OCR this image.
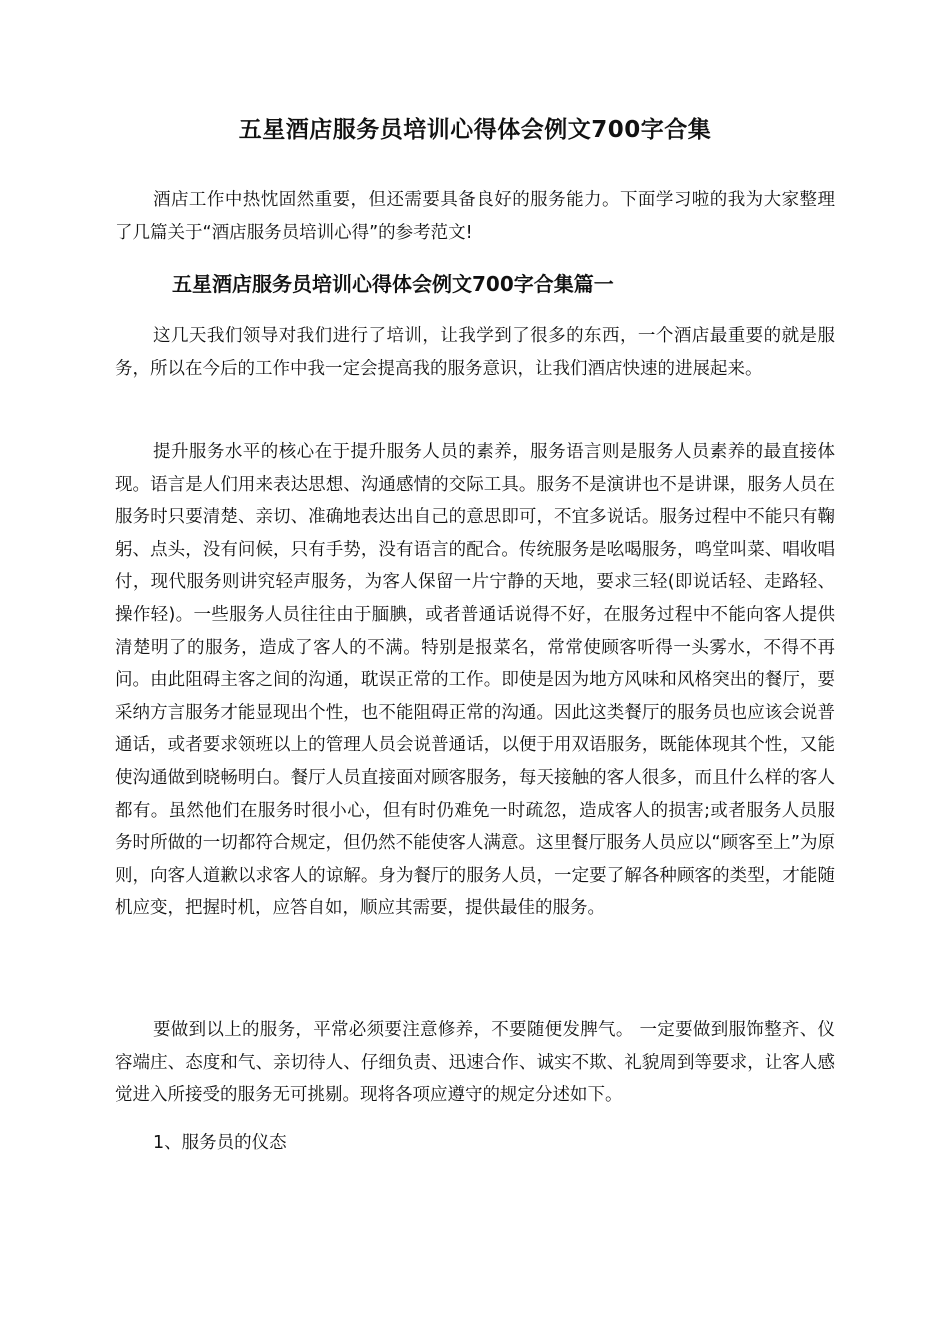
五星酒店服务员培训心得体会例文700字合集

酒店工作中热忱固然重要，但还需要具备良好的服务能力。下面学习啦的我为大家整理了几篇关于“酒店服务员培训心得”的参考范文!

五星酒店服务员培训心得体会例文700字合集篇一

这几天我们领导对我们进行了培训，让我学到了很多的东西，一个酒店最重要的就是服务，所以在今后的工作中我一定会提高我的服务意识，让我们酒店快速的进展起来。

提升服务水平的核心在于提升服务人员的素养，服务语言则是服务人员素养的最直接体现。语言是人们用来表达思想、沟通感情的交际工具。服务不是演讲也不是讲课，服务人员在服务时只要清楚、亲切、准确地表达出自己的意思即可，不宜多说话。服务过程中不能只有鞠躬、点头，没有问候，只有手势，没有语言的配合。传统服务是吆喝服务，鸣堂叫菜、唱收唱付，现代服务则讲究轻声服务，为客人保留一片宁静的天地，要求三轻(即说话轻、走路轻、操作轻)。一些服务人员往往由于腼腆，或者普通话说得不好，在服务过程中不能向客人提供清楚明了的服务，造成了客人的不满。特别是报菜名，常常使顾客听得一头雾水，不得不再问。由此阻碍主客之间的沟通，耽误正常的工作。即使是因为地方风味和风格突出的餐厅，要采纳方言服务才能显现出个性，也不能阻碍正常的沟通。因此这类餐厅的服务员也应该会说普通话，或者要求领班以上的管理人员会说普通话，以便于用双语服务，既能体现其个性，又能使沟通做到晓畅明白。餐厅人员直接面对顾客服务，每天接触的客人很多，而且什么样的客人都有。虽然他们在服务时很小心，但有时仍难免一时疏忽，造成客人的损害;或者服务人员服务时所做的一切都符合规定，但仍然不能使客人满意。这里餐厅服务人员应以“顾客至上”为原则，向客人道歉以求客人的谅解。身为餐厅的服务人员，一定要了解各种顾客的类型，才能随机应变，把握时机，应答自如，顺应其需要，提供最佳的服务。

要做到以上的服务，平常必须要注意修养，不要随便发脾气。 一定要做到服饰整齐、仪容端庄、态度和气、亲切待人、仔细负责、迅速合作、诚实不欺、礼貌周到等要求，让客人感觉进入所接受的服务无可挑剔。现将各项应遵守的规定分述如下。

1、服务员的仪态
